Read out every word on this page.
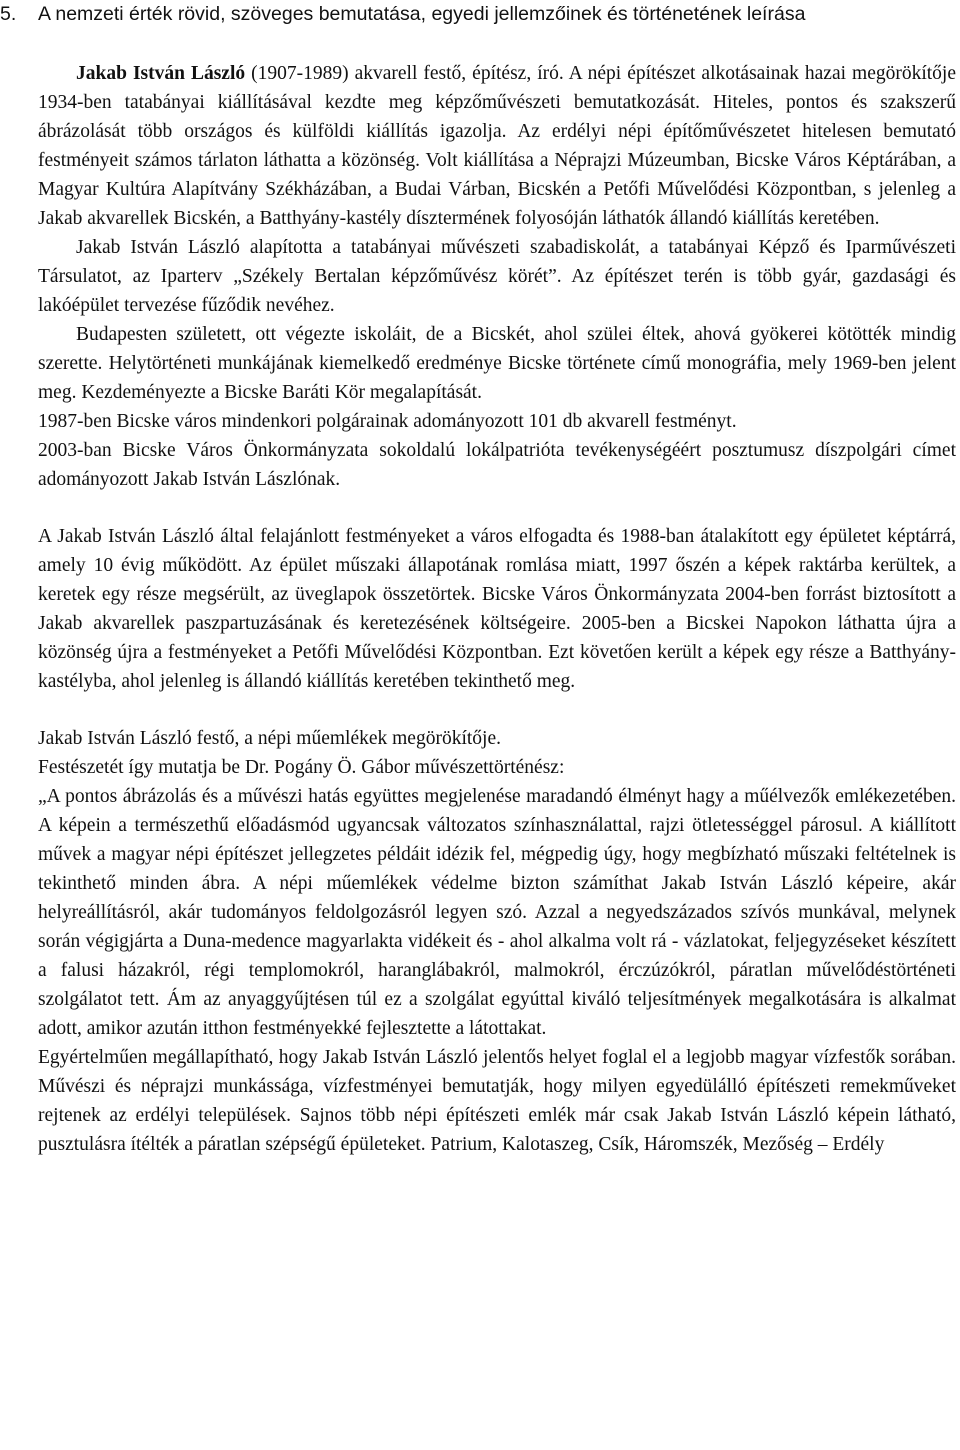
5.	A nemzeti érték rövid, szöveges bemutatása, egyedi jellemzőinek és történetének leírása

Jakab István László (1907-1989) akvarell festő, építész, író. A népi építészet alkotásainak hazai megörökítője 1934-ben tatabányai kiállításával kezdte meg képzőművészeti bemutatkozását. Hiteles, pontos és szakszerű ábrázolását több országos és külföldi kiállítás igazolja. Az erdélyi népi építőművészetet hitelesen bemutató festményeit számos tárlaton láthatta a közönség. Volt kiállítása a Néprajzi Múzeumban, Bicske Város Képtárában, a Magyar Kultúra Alapítvány Székházában, a Budai Várban, Bicskén a Petőfi Művelődési Központban, s jelenleg a Jakab akvarellek Bicskén, a Batthyány-kastély dísztermének folyosóján láthatók állandó kiállítás keretében.

Jakab István László alapította a tatabányai művészeti szabadiskolát, a tatabányai Képző és Iparművészeti Társulatot, az Iparterv „Székely Bertalan képzőművész körét”. Az építészet terén is több gyár, gazdasági és lakóépület tervezése fűződik nevéhez.

Budapesten született, ott végezte iskoláit, de a Bicskét, ahol szülei éltek, ahová gyökerei kötötték mindig szerette. Helytörténeti munkájának kiemelkedő eredménye Bicske története című monográfia, mely 1969-ben jelent meg. Kezdeményezte a Bicske Baráti Kör megalapítását.

1987-ben Bicske város mindenkori polgárainak adományozott 101 db akvarell festményt.

2003-ban Bicske Város Önkormányzata sokoldalú lokálpatrióta tevékenységéért posztumusz díszpolgári címet adományozott Jakab István Lászlónak.

A Jakab István László által felajánlott festményeket a város elfogadta és 1988-ban átalakított egy épületet képtárrá, amely 10 évig működött. Az épület műszaki állapotának romlása miatt, 1997 őszén a képek raktárba kerültek, a keretek egy része megsérült, az üveglapok összetörtek. Bicske Város Önkormányzata 2004-ben forrást biztosított a Jakab akvarellek paszpartuzásának és keretezésének költségeire. 2005-ben a Bicskei Napokon láthatta újra a közönség újra a festményeket a Petőfi Művelődési Központban. Ezt követően került a képek egy része a Batthyány-kastélyba, ahol jelenleg is állandó kiállítás keretében tekinthető meg.

Jakab István László festő, a népi műemlékek megörökítője.

Festészetét így mutatja be Dr. Pogány Ö. Gábor művészettörténész:

„A pontos ábrázolás és a művészi hatás együttes megjelenése maradandó élményt hagy a műélvezők emlékezetében. A képein a természethű előadásmód ugyancsak változatos színhasználattal, rajzi ötletességgel párosul. A kiállított művek a magyar népi építészet jellegzetes példáit idézik fel, mégpedig úgy, hogy megbízható műszaki feltételnek is tekinthető minden ábra. A népi műemlékek védelme bizton számíthat Jakab István László képeire, akár helyreállításról, akár tudományos feldolgozásról legyen szó. Azzal a negyedszázados szívós munkával, melynek során végigjárta a Duna-medence magyarlakta vidékeit és - ahol alkalma volt rá - vázlatokat, feljegyzéseket készített a falusi házakról, régi templomokról, haranglábakról, malmokról, érczúzókról, páratlan művelődéstörténeti szolgálatot tett. Ám az anyaggyűjtésen túl ez a szolgálat egyúttal kiváló teljesítmények megalkotására is alkalmat adott, amikor azután itthon festményekké fejlesztette a látottakat.

Egyértelműen megállapítható, hogy Jakab István László jelentős helyet foglal el a legjobb magyar vízfestők sorában. Művészi és néprajzi munkássága, vízfestményei bemutatják, hogy milyen egyedülálló építészeti remekműveket rejtenek az erdélyi települések. Sajnos több népi építészeti emlék már csak Jakab István László képein látható, pusztulásra ítélték a páratlan szépségű épületeket. Patrium, Kalotaszeg, Csík, Háromszék, Mezőség – Erdély
